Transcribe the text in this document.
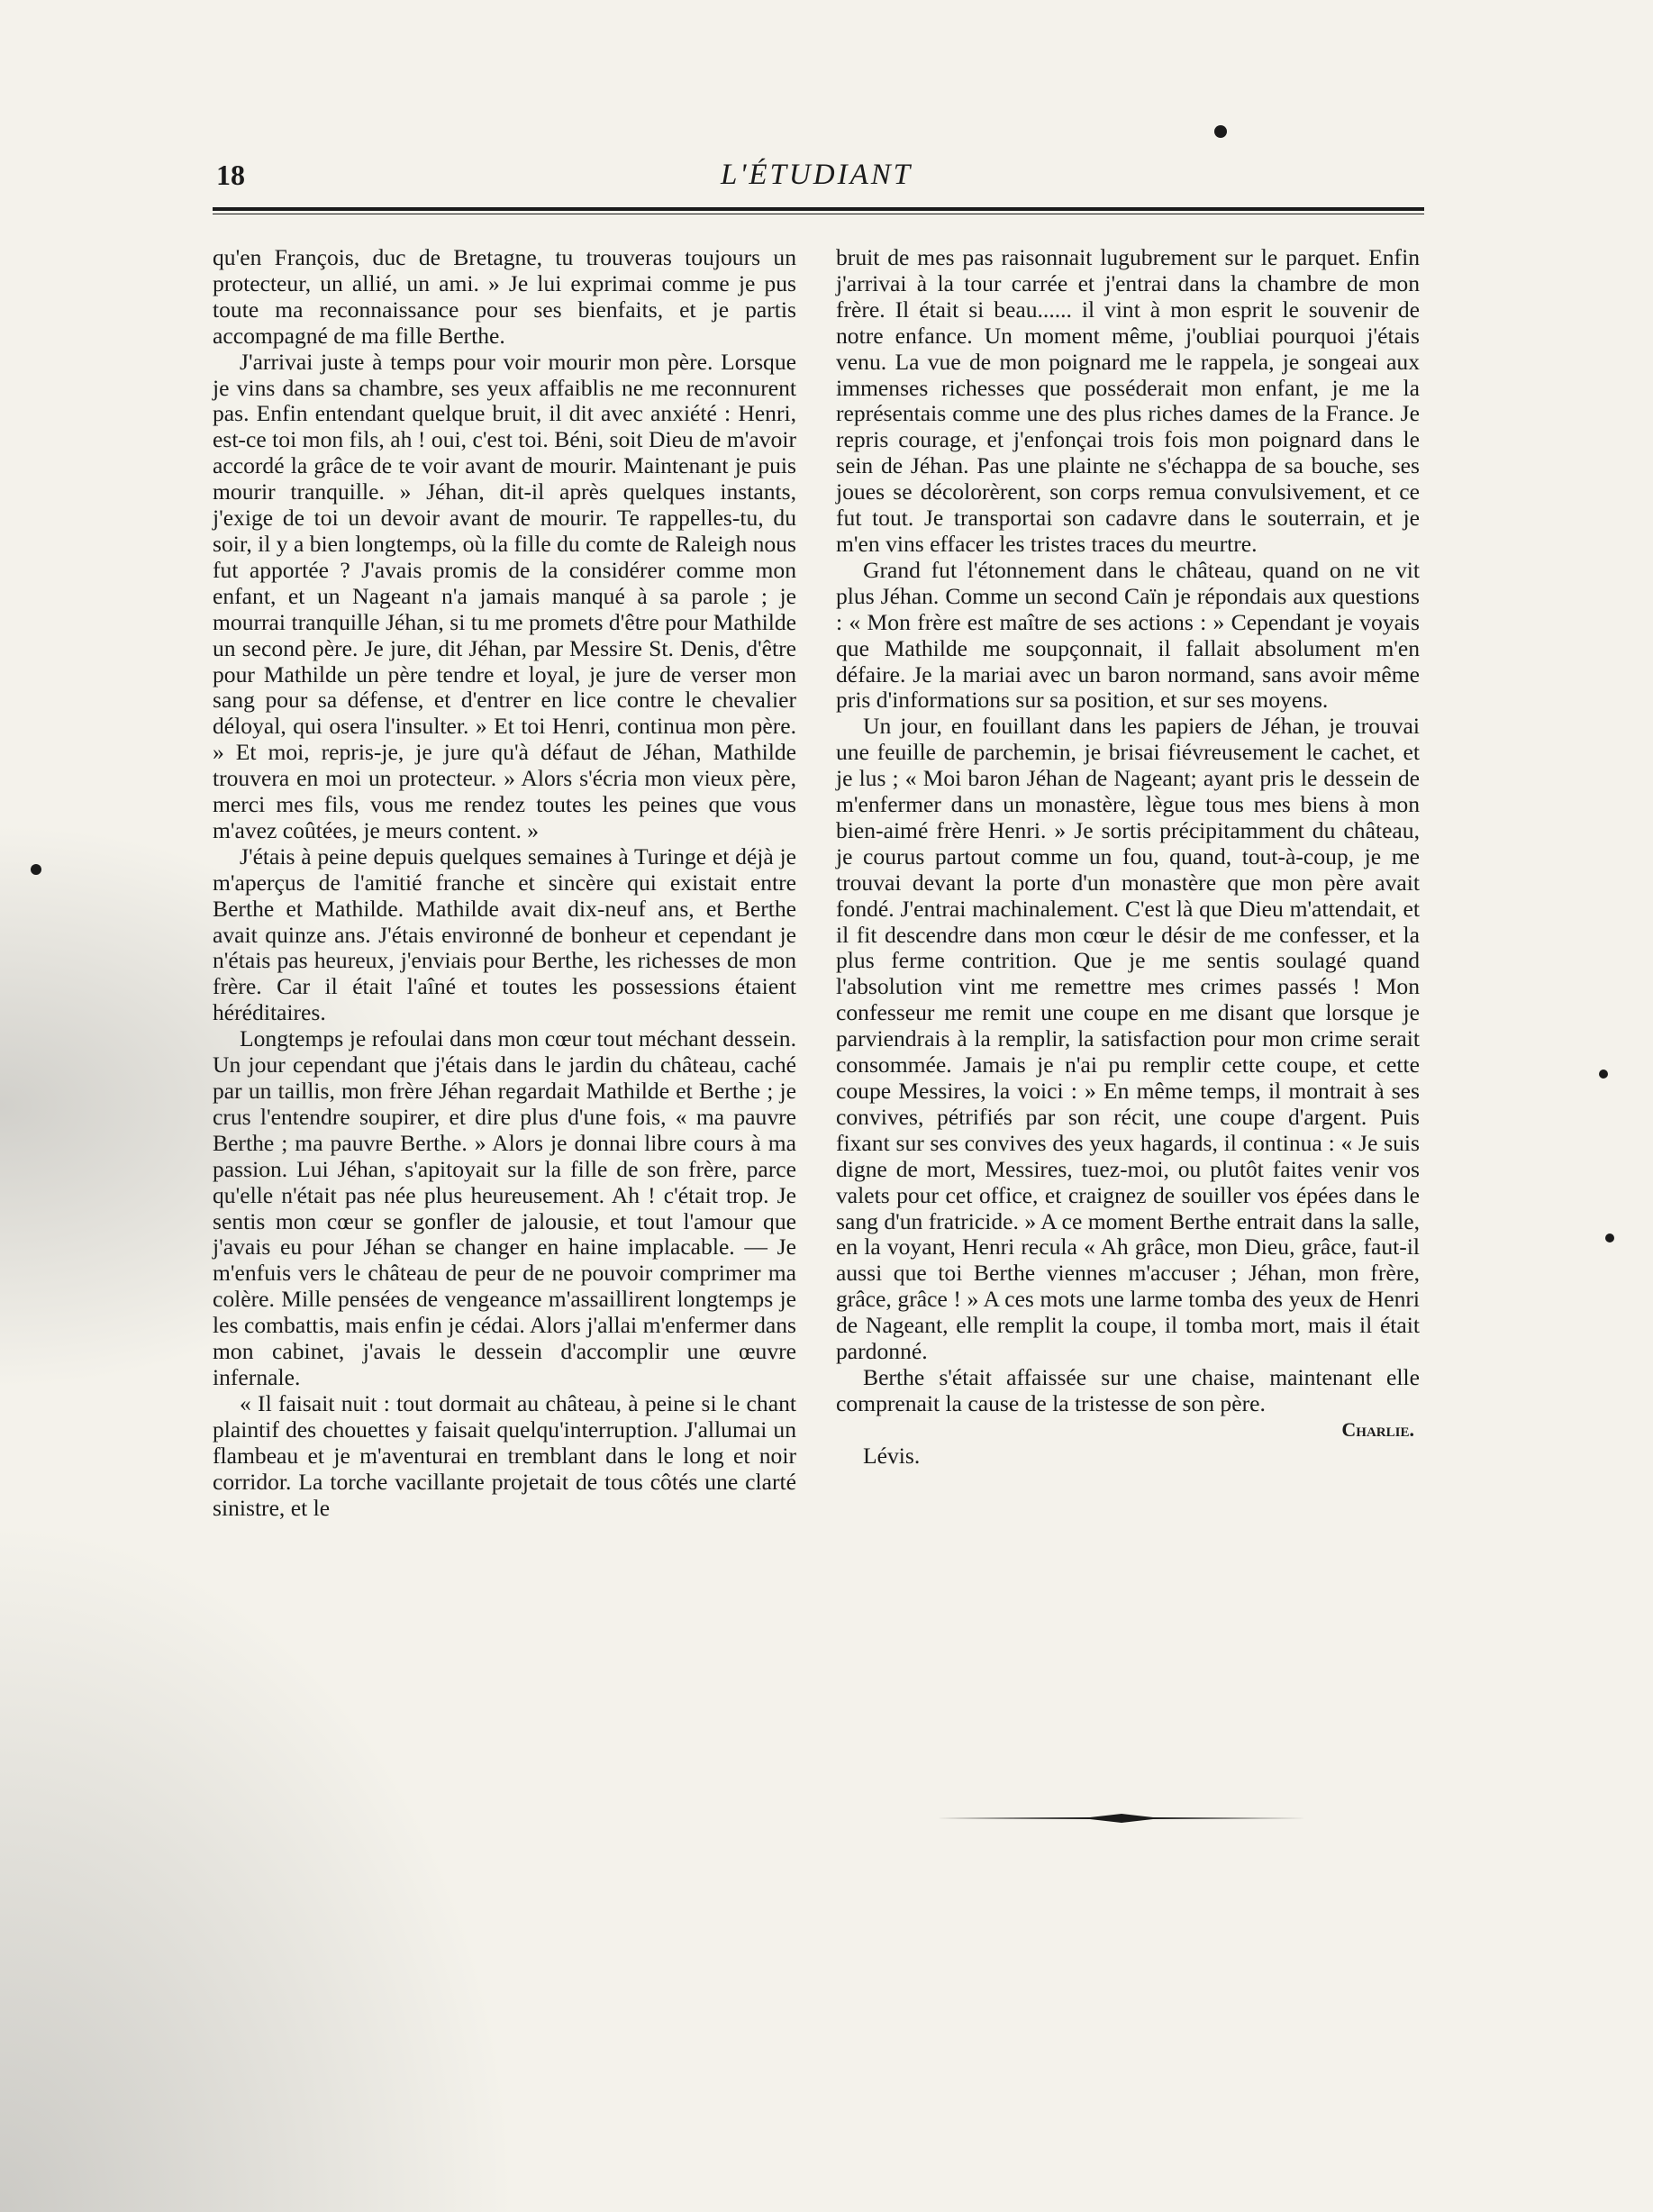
18	L'ÉTUDIANT

qu'en François, duc de Bretagne, tu trouveras toujours un protecteur, un allié, un ami. » Je lui exprimai comme je pus toute ma reconnaissance pour ses bienfaits, et je partis accompagné de ma fille Berthe.

J'arrivai juste à temps pour voir mourir mon père. Lorsque je vins dans sa chambre, ses yeux affaiblis ne me reconnurent pas. Enfin entendant quelque bruit, il dit avec anxiété : Henri, est-ce toi mon fils, ah ! oui, c'est toi. Béni, soit Dieu de m'avoir accordé la grâce de te voir avant de mourir. Maintenant je puis mourir tranquille. » Jéhan, dit-il après quelques instants, j'exige de toi un devoir avant de mourir. Te rappelles-tu, du soir, il y a bien longtemps, où la fille du comte de Raleigh nous fut apportée ? J'avais promis de la considérer comme mon enfant, et un Nageant n'a jamais manqué à sa parole ; je mourrai tranquille Jéhan, si tu me promets d'être pour Mathilde un second père. Je jure, dit Jéhan, par Messire St. Denis, d'être pour Mathilde un père tendre et loyal, je jure de verser mon sang pour sa défense, et d'entrer en lice contre le chevalier déloyal, qui osera l'insulter. » Et toi Henri, continua mon père. » Et moi, repris-je, je jure qu'à défaut de Jéhan, Mathilde trouvera en moi un protecteur. » Alors s'écria mon vieux père, merci mes fils, vous me rendez toutes les peines que vous m'avez coûtées, je meurs content. »

J'étais à peine depuis quelques semaines à Turinge et déjà je m'aperçus de l'amitié franche et sincère qui existait entre Berthe et Mathilde. Mathilde avait dix-neuf ans, et Berthe avait quinze ans. J'étais environné de bonheur et cependant je n'étais pas heureux, j'enviais pour Berthe, les richesses de mon frère. Car il était l'aîné et toutes les possessions étaient héréditaires.

Longtemps je refoulai dans mon cœur tout méchant dessein. Un jour cependant que j'étais dans le jardin du château, caché par un taillis, mon frère Jéhan regardait Mathilde et Berthe ; je crus l'entendre soupirer, et dire plus d'une fois, « ma pauvre Berthe ; ma pauvre Berthe. » Alors je donnai libre cours à ma passion. Lui Jéhan, s'apitoyait sur la fille de son frère, parce qu'elle n'était pas née plus heureusement. Ah ! c'était trop. Je sentis mon cœur se gonfler de jalousie, et tout l'amour que j'avais eu pour Jéhan se changer en haine implacable. — Je m'enfuis vers le château de peur de ne pouvoir comprimer ma colère. Mille pensées de vengeance m'assaillirent longtemps je les combattis, mais enfin je cédai. Alors j'allai m'enfermer dans mon cabinet, j'avais le dessein d'accomplir une œuvre infernale.

« Il faisait nuit : tout dormait au château, à peine si le chant plaintif des chouettes y faisait quelqu'interruption. J'allumai un flambeau et je m'aventurai en tremblant dans le long et noir corridor. La torche vacillante projetait de tous côtés une clarté sinistre, et le

bruit de mes pas raisonnait lugubrement sur le parquet. Enfin j'arrivai à la tour carrée et j'entrai dans la chambre de mon frère. Il était si beau...... il vint à mon esprit le souvenir de notre enfance. Un moment même, j'oubliai pourquoi j'étais venu. La vue de mon poignard me le rappela, je songeai aux immenses richesses que posséderait mon enfant, je me la représentais comme une des plus riches dames de la France. Je repris courage, et j'enfonçai trois fois mon poignard dans le sein de Jéhan. Pas une plainte ne s'échappa de sa bouche, ses joues se décolorèrent, son corps remua convulsivement, et ce fut tout. Je transportai son cadavre dans le souterrain, et je m'en vins effacer les tristes traces du meurtre.

Grand fut l'étonnement dans le château, quand on ne vit plus Jéhan. Comme un second Caïn je répondais aux questions : « Mon frère est maître de ses actions : » Cependant je voyais que Mathilde me soupçonnait, il fallait absolument m'en défaire. Je la mariai avec un baron normand, sans avoir même pris d'informations sur sa position, et sur ses moyens.

Un jour, en fouillant dans les papiers de Jéhan, je trouvai une feuille de parchemin, je brisai fiévreusement le cachet, et je lus ; « Moi baron Jéhan de Nageant; ayant pris le dessein de m'enfermer dans un monastère, lègue tous mes biens à mon bien-aimé frère Henri. » Je sortis précipitamment du château, je courus partout comme un fou, quand, tout-à-coup, je me trouvai devant la porte d'un monastère que mon père avait fondé. J'entrai machinalement. C'est là que Dieu m'attendait, et il fit descendre dans mon cœur le désir de me confesser, et la plus ferme contrition. Que je me sentis soulagé quand l'absolution vint me remettre mes crimes passés ! Mon confesseur me remit une coupe en me disant que lorsque je parviendrais à la remplir, la satisfaction pour mon crime serait consommée. Jamais je n'ai pu remplir cette coupe, et cette coupe Messires, la voici : » En même temps, il montrait à ses convives, pétrifiés par son récit, une coupe d'argent. Puis fixant sur ses convives des yeux hagards, il continua : « Je suis digne de mort, Messires, tuez-moi, ou plutôt faites venir vos valets pour cet office, et craignez de souiller vos épées dans le sang d'un fratricide. » A ce moment Berthe entrait dans la salle, en la voyant, Henri recula « Ah grâce, mon Dieu, grâce, faut-il aussi que toi Berthe viennes m'accuser ; Jéhan, mon frère, grâce, grâce ! » A ces mots une larme tomba des yeux de Henri de Nageant, elle remplit la coupe, il tomba mort, mais il était pardonné.

Berthe s'était affaissée sur une chaise, maintenant elle comprenait la cause de la tristesse de son père.

Charlie.

Lévis.
